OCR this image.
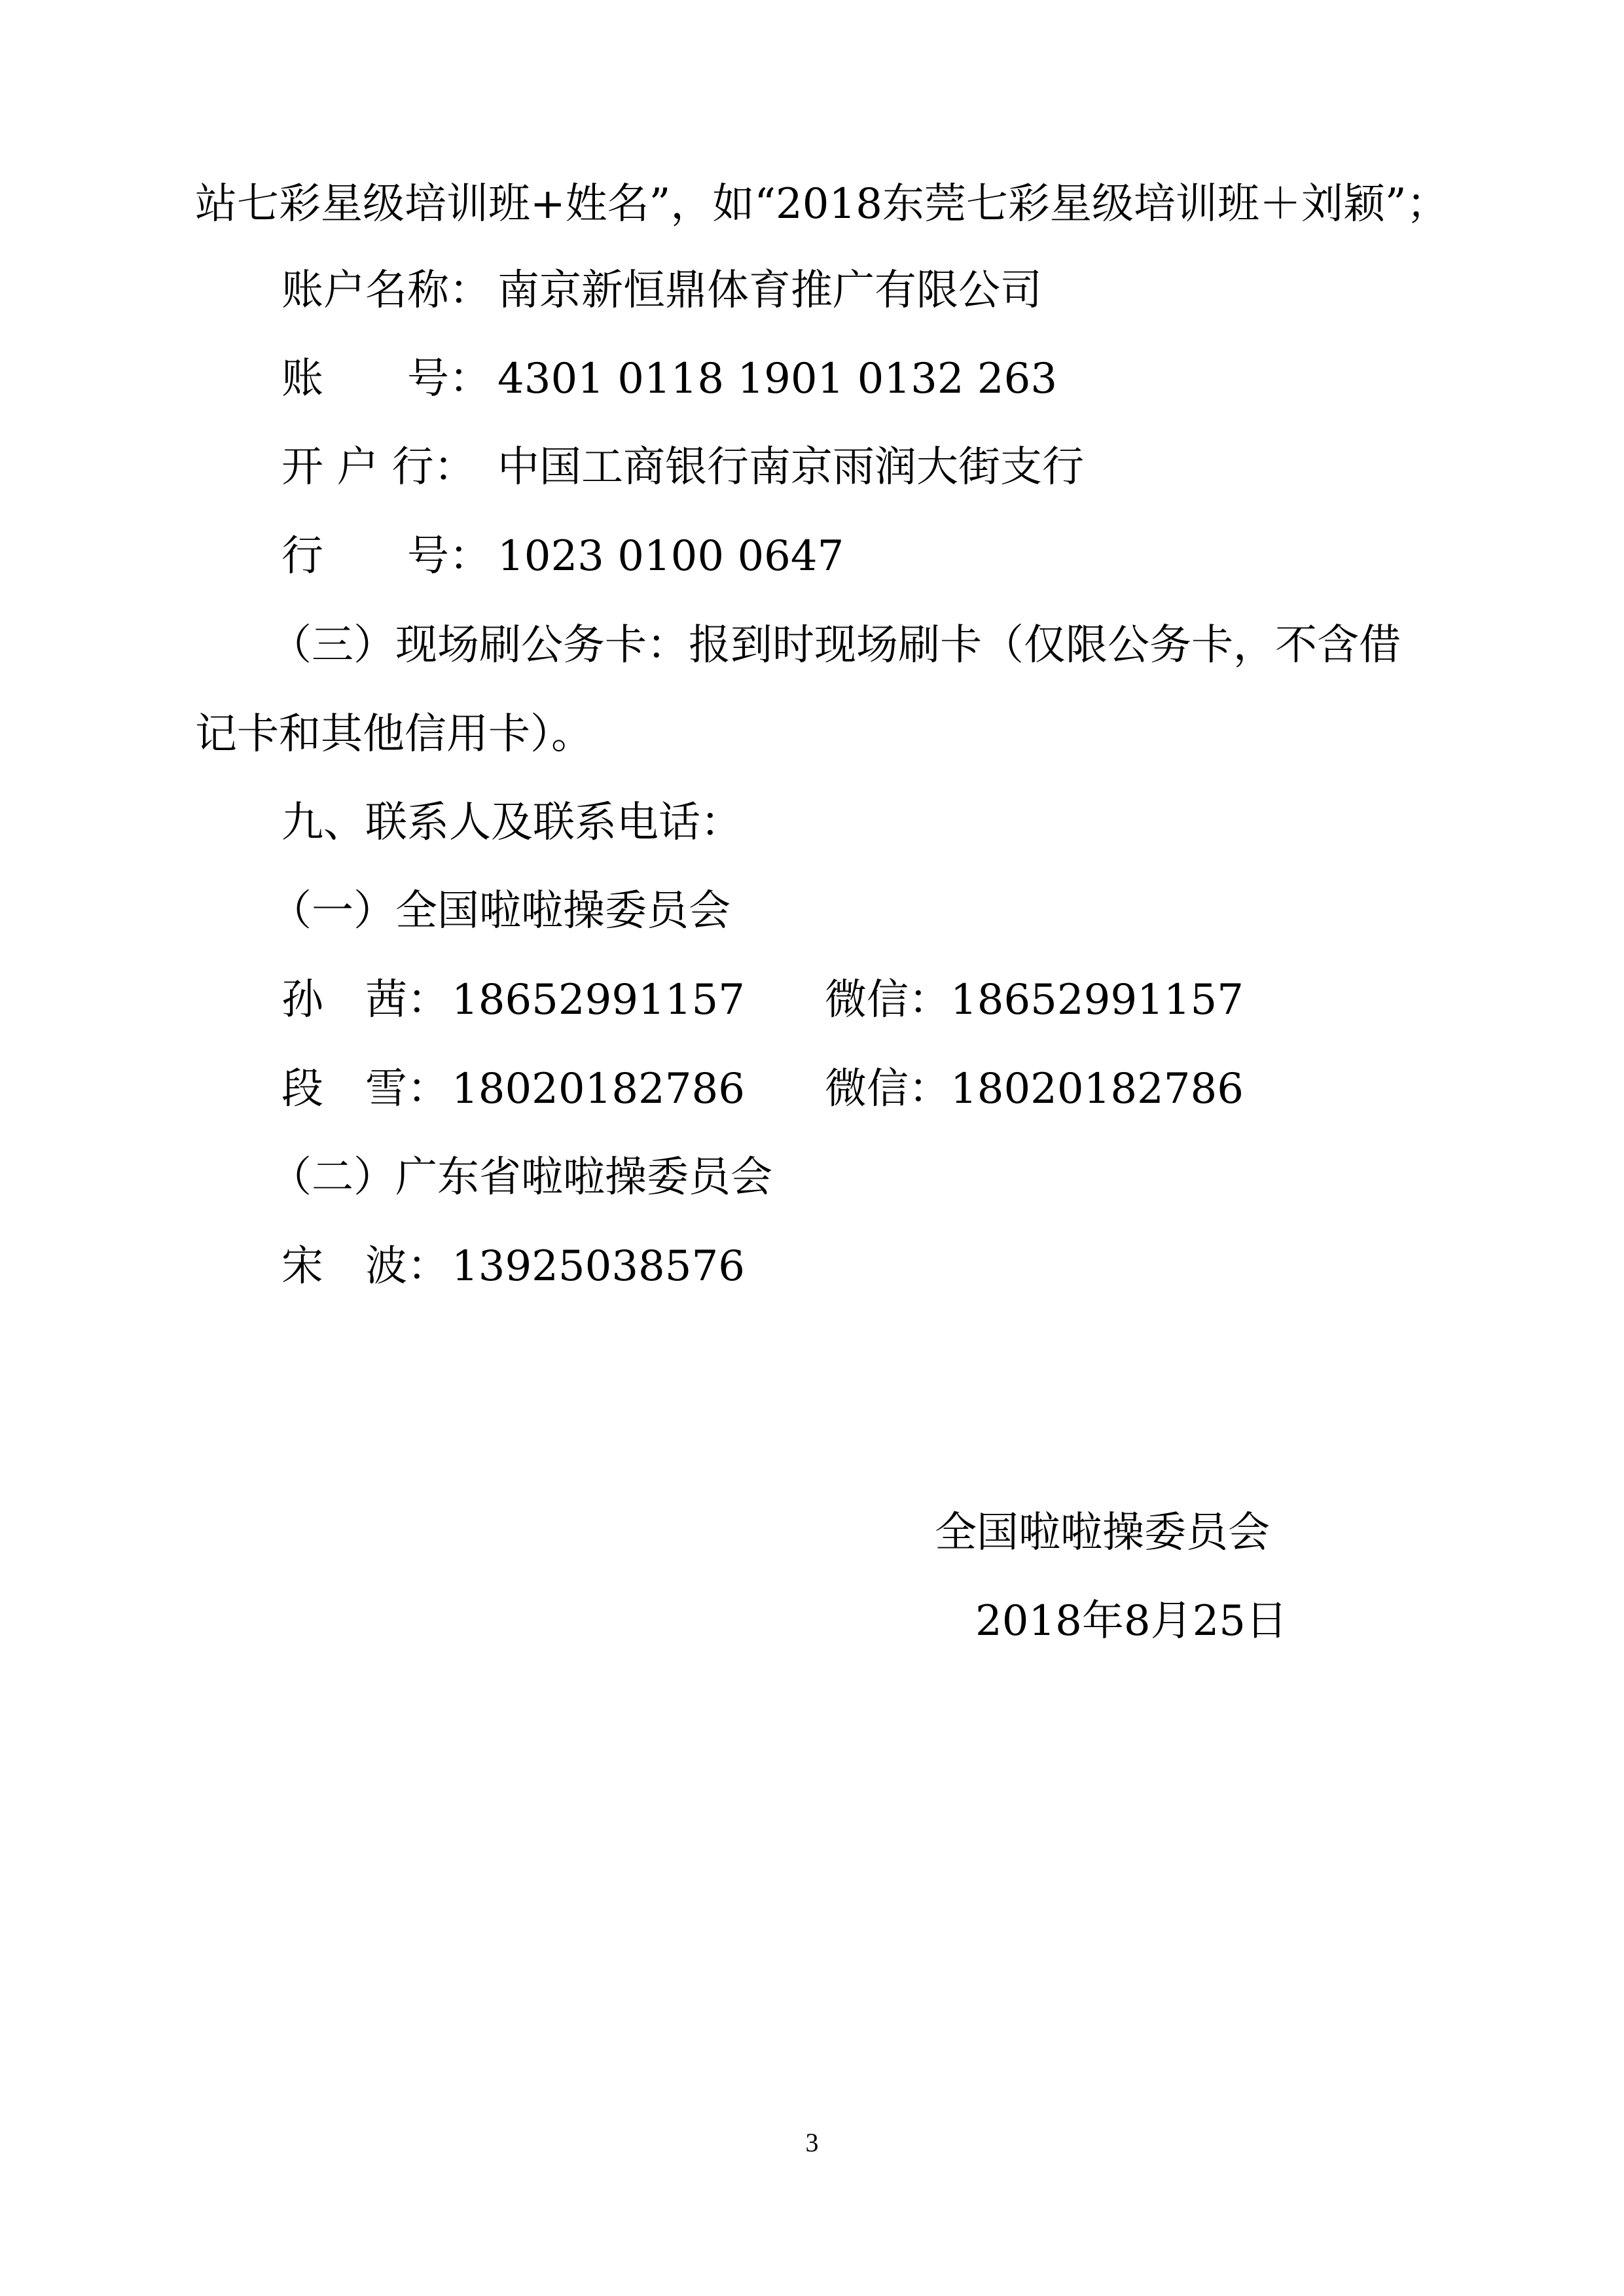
站七彩星级培训班+姓名”，如“2018东莞七彩星级培训班＋刘颖”；
账户名称： 南京新恒鼎体育推广有限公司
账　　号： 4301 0118 1901 0132 263
开 户 行： 中国工商银行南京雨润大街支行
行　　号： 1023 0100 0647
（三）现场刷公务卡：报到时现场刷卡（仅限公务卡，不含借
记卡和其他信用卡）。
九、联系人及联系电话：
（一）全国啦啦操委员会
孙　茜：18652991157 微信：18652991157
段　雪：18020182786 微信：18020182786
（二）广东省啦啦操委员会
宋　波：13925038576
全国啦啦操委员会
2018年8月25日
3
